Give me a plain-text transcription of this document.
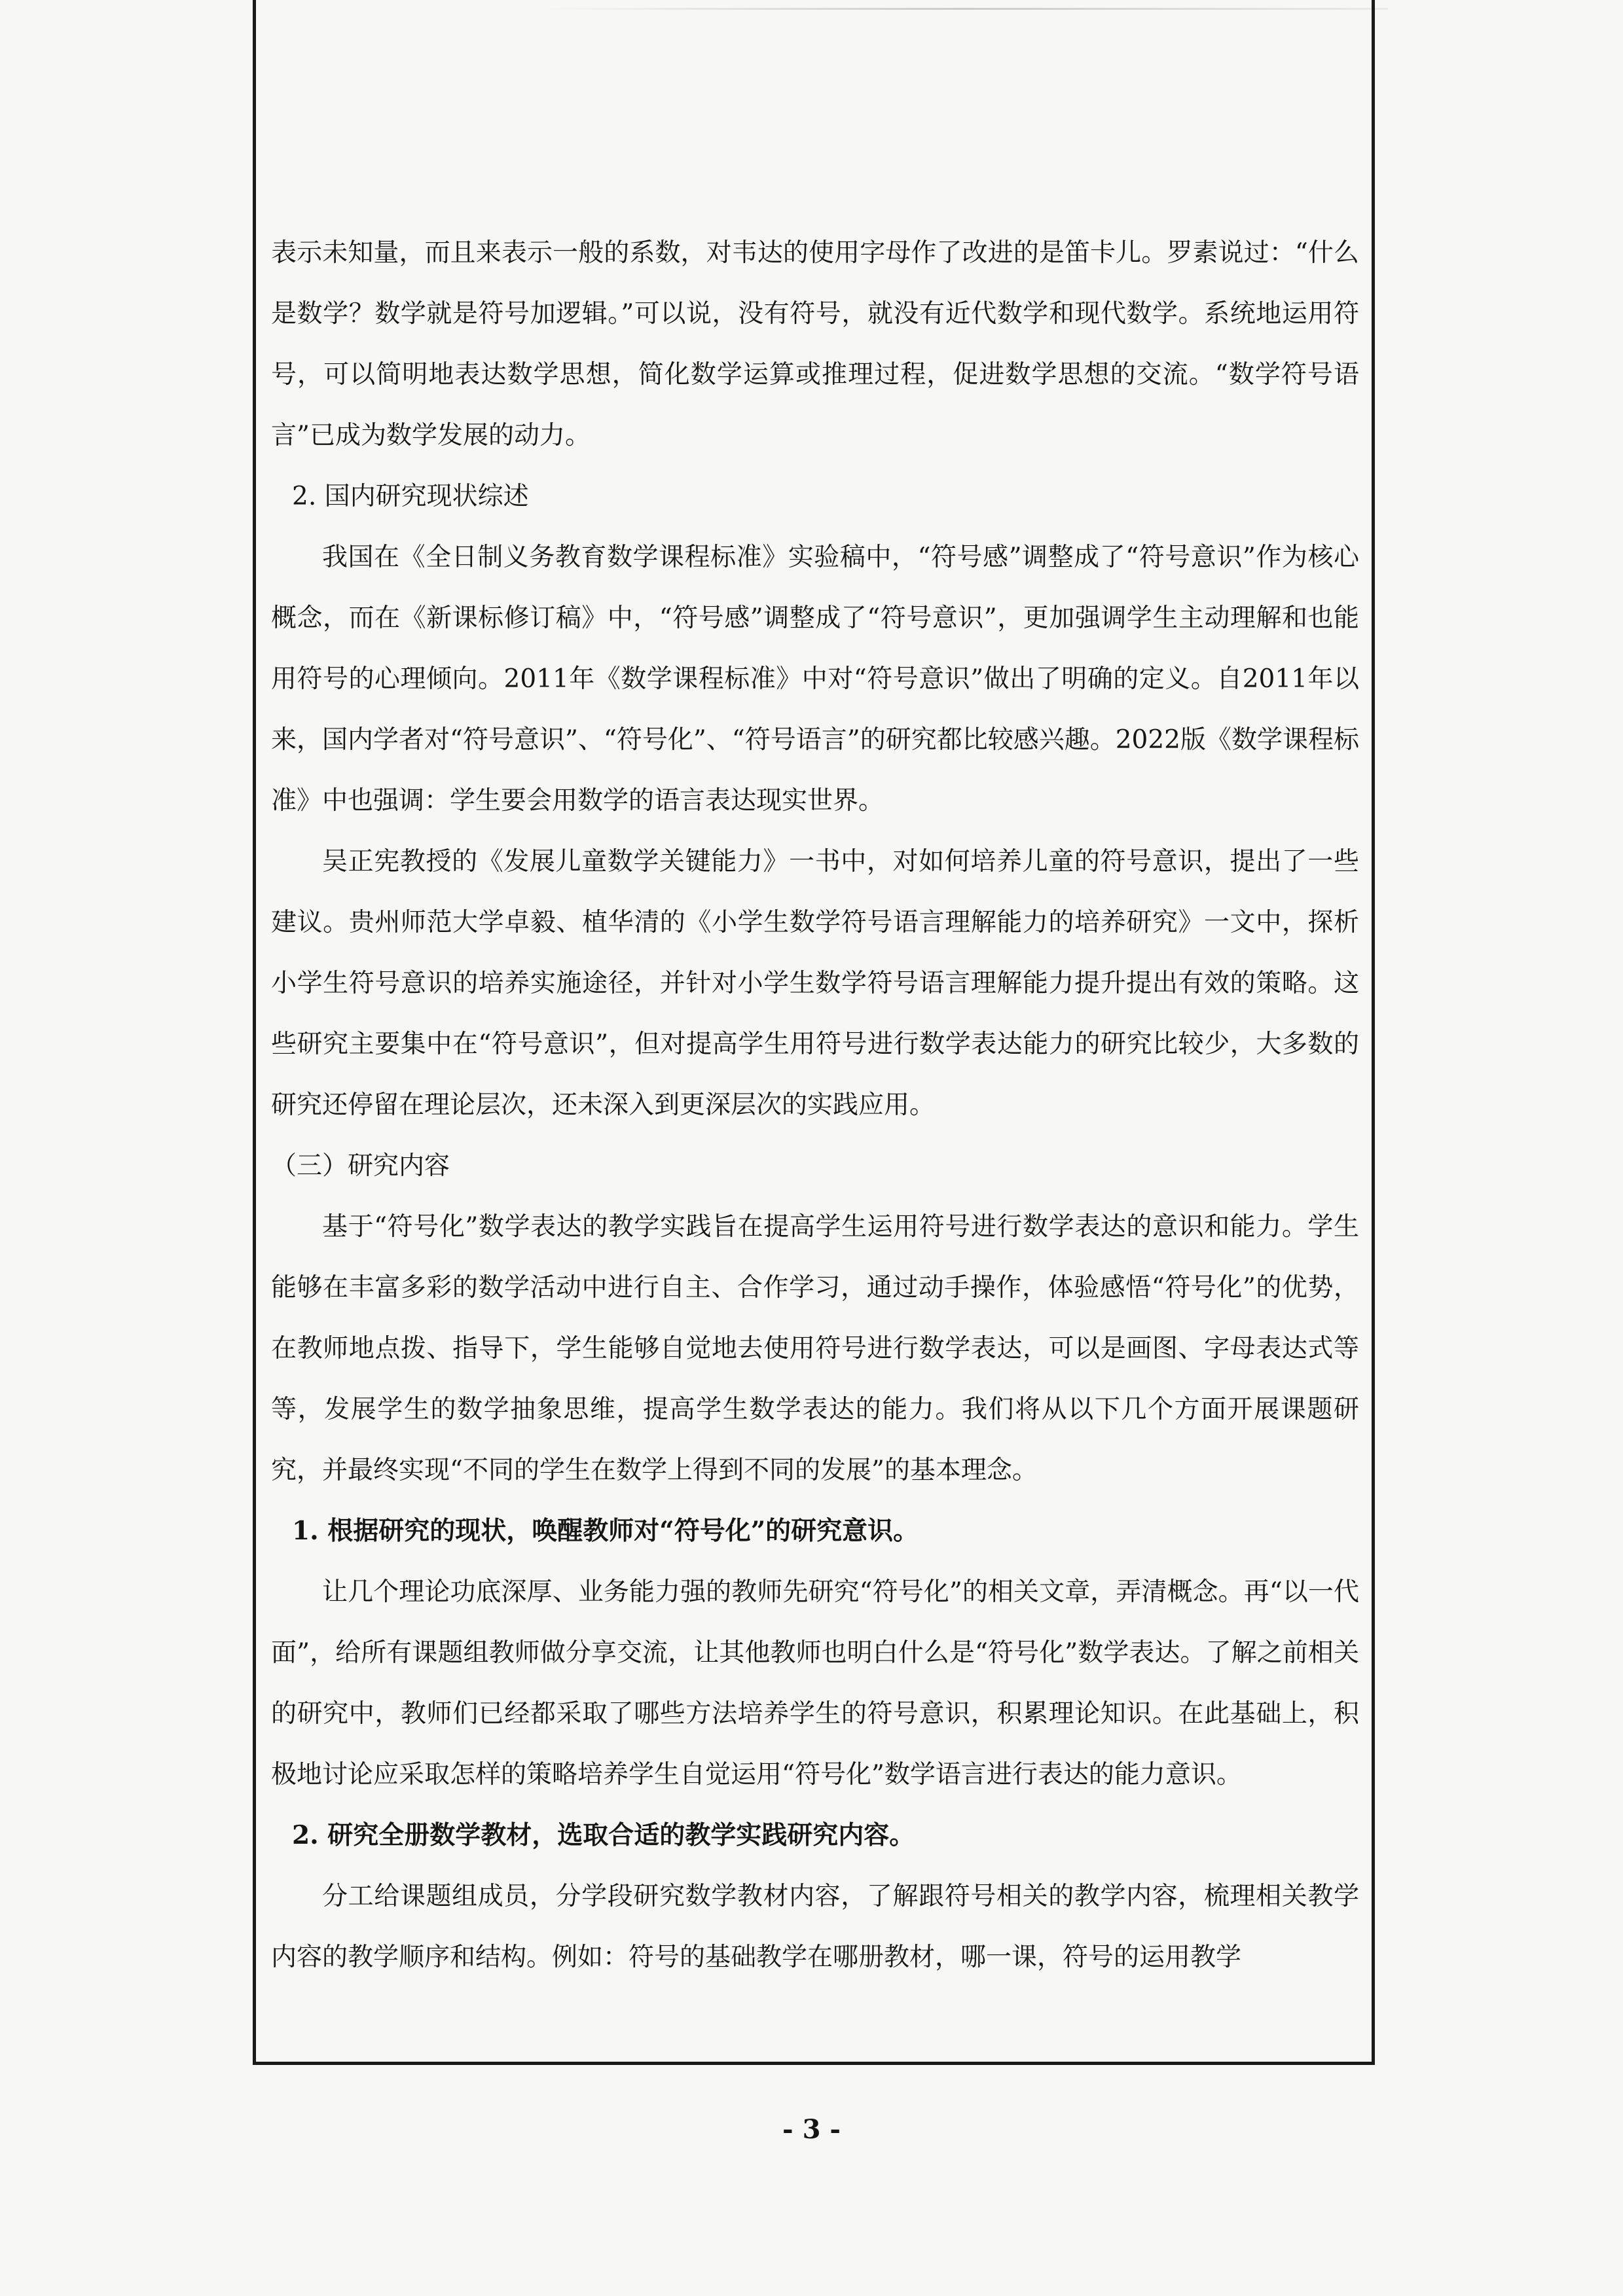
表示未知量，而且来表示一般的系数，对韦达的使用字母作了改进的是笛卡儿。罗素说过：“什么是数学？数学就是符号加逻辑。”可以说，没有符号，就没有近代数学和现代数学。系统地运用符号，可以简明地表达数学思想，简化数学运算或推理过程，促进数学思想的交流。“数学符号语言”已成为数学发展的动力。

2. 国内研究现状综述

我国在《全日制义务教育数学课程标准》实验稿中，“符号感”调整成了“符号意识”作为核心概念，而在《新课标修订稿》中，“符号感”调整成了“符号意识”，更加强调学生主动理解和也能用符号的心理倾向。2011年《数学课程标准》中对“符号意识”做出了明确的定义。自2011年以来，国内学者对“符号意识”、“符号化”、“符号语言”的研究都比较感兴趣。2022版《数学课程标准》中也强调：学生要会用数学的语言表达现实世界。

吴正宪教授的《发展儿童数学关键能力》一书中，对如何培养儿童的符号意识，提出了一些建议。贵州师范大学卓毅、植华清的《小学生数学符号语言理解能力的培养研究》一文中，探析小学生符号意识的培养实施途径，并针对小学生数学符号语言理解能力提升提出有效的策略。这些研究主要集中在“符号意识”，但对提高学生用符号进行数学表达能力的研究比较少，大多数的研究还停留在理论层次，还未深入到更深层次的实践应用。

（三）研究内容

基于“符号化”数学表达的教学实践旨在提高学生运用符号进行数学表达的意识和能力。学生能够在丰富多彩的数学活动中进行自主、合作学习，通过动手操作，体验感悟“符号化”的优势，在教师地点拨、指导下，学生能够自觉地去使用符号进行数学表达，可以是画图、字母表达式等等，发展学生的数学抽象思维，提高学生数学表达的能力。我们将从以下几个方面开展课题研究，并最终实现“不同的学生在数学上得到不同的发展”的基本理念。

1. 根据研究的现状，唤醒教师对“符号化”的研究意识。

让几个理论功底深厚、业务能力强的教师先研究“符号化”的相关文章，弄清概念。再“以一代面”，给所有课题组教师做分享交流，让其他教师也明白什么是“符号化”数学表达。了解之前相关的研究中，教师们已经都采取了哪些方法培养学生的符号意识，积累理论知识。在此基础上，积极地讨论应采取怎样的策略培养学生自觉运用“符号化”数学语言进行表达的能力意识。

2. 研究全册数学教材，选取合适的教学实践研究内容。

分工给课题组成员，分学段研究数学教材内容，了解跟符号相关的教学内容，梳理相关教学内容的教学顺序和结构。例如：符号的基础教学在哪册教材，哪一课，符号的运用教学

- 3 -
